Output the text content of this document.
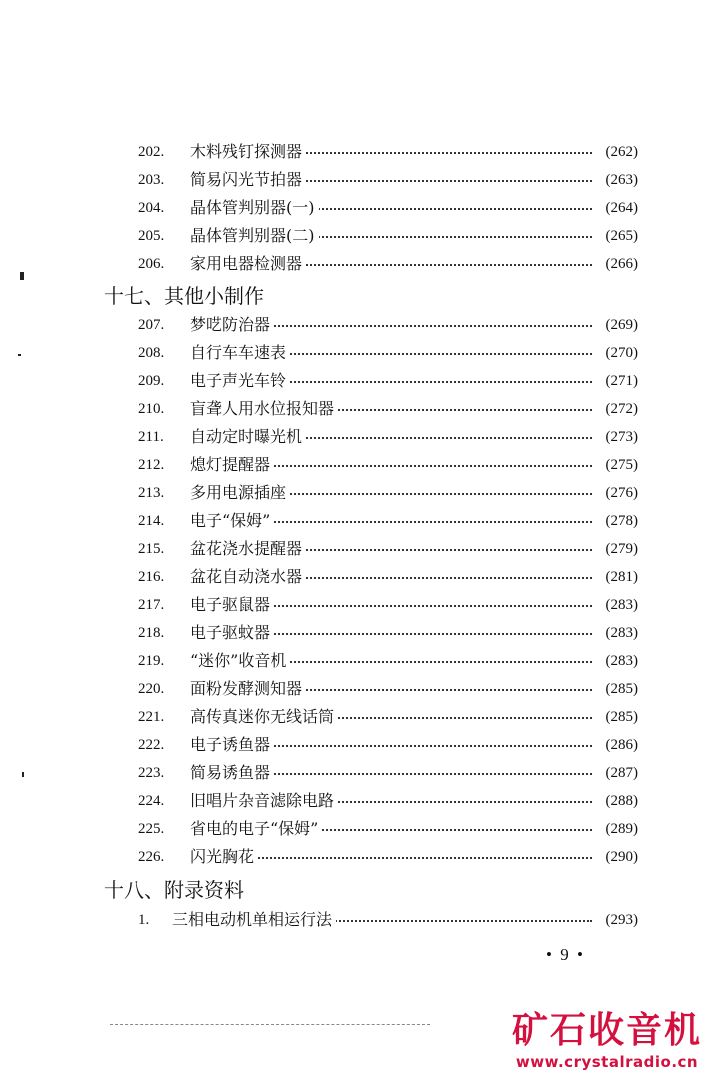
202.	木料残钉探测器	(262)
203.	简易闪光节拍器	(263)
204.	晶体管判别器(一)	(264)
205.	晶体管判别器(二)	(265)
206.	家用电器检测器	(266)
十七、其他小制作
207.	梦呓防治器	(269)
208.	自行车车速表	(270)
209.	电子声光车铃	(271)
210.	盲聋人用水位报知器	(272)
211.	自动定时曝光机	(273)
212.	熄灯提醒器	(275)
213.	多用电源插座	(276)
214.	电子“保姆”	(278)
215.	盆花浇水提醒器	(279)
216.	盆花自动浇水器	(281)
217.	电子驱鼠器	(283)
218.	电子驱蚊器	(283)
219.	“迷你”收音机	(283)
220.	面粉发酵测知器	(285)
221.	高传真迷你无线话筒	(285)
222.	电子诱鱼器	(286)
223.	简易诱鱼器	(287)
224.	旧唱片杂音滤除电路	(288)
225.	省电的电子“保姆”	(289)
226.	闪光胸花	(290)
十八、附录资料
1.	三相电动机单相运行法	(293)
• 9 •
矿石收音机
www.crystalradio.cn
